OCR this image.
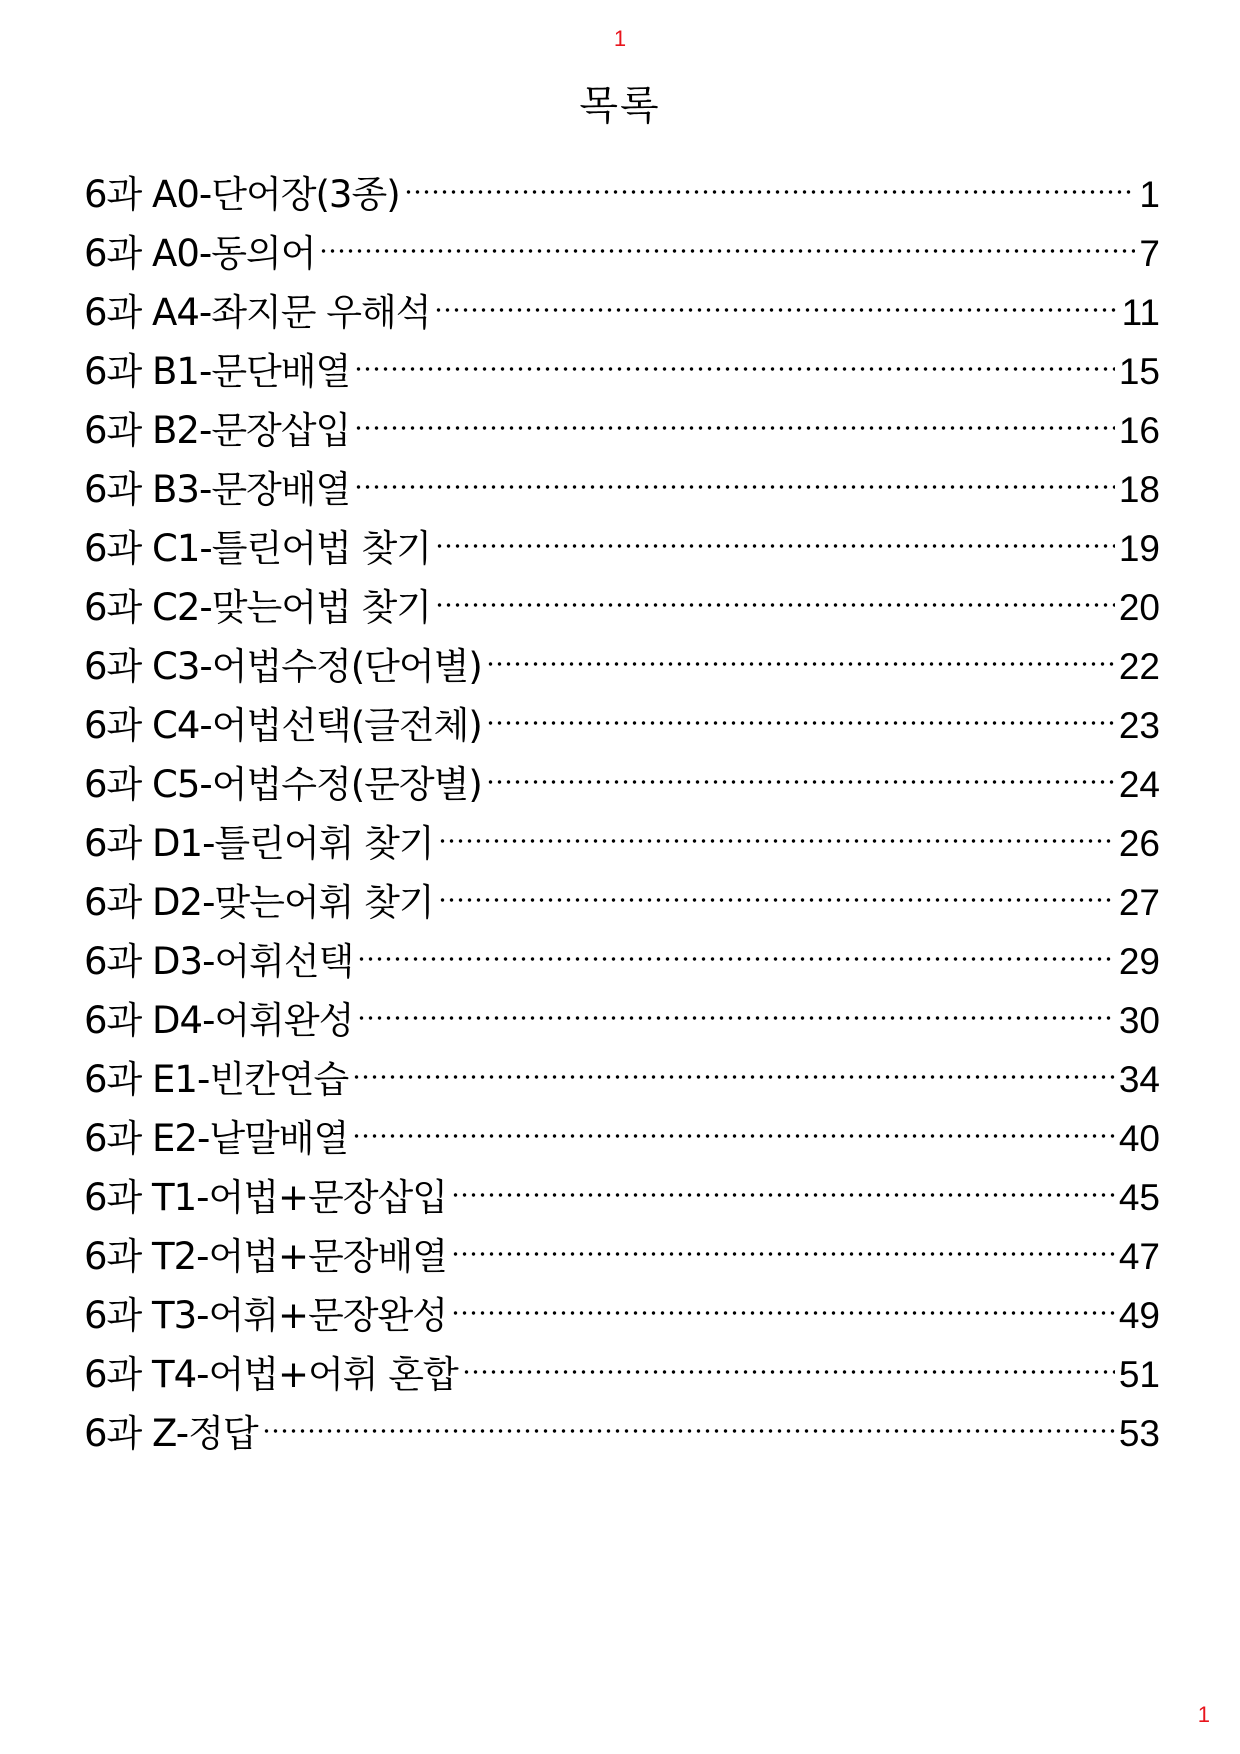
1
목록
6과 A0-단어장(3종)	1
6과 A0-동의어	7
6과 A4-좌지문 우해석	11
6과 B1-문단배열	15
6과 B2-문장삽입	16
6과 B3-문장배열	18
6과 C1-틀린어법 찾기	19
6과 C2-맞는어법 찾기	20
6과 C3-어법수정(단어별)	22
6과 C4-어법선택(글전체)	23
6과 C5-어법수정(문장별)	24
6과 D1-틀린어휘 찾기	26
6과 D2-맞는어휘 찾기	27
6과 D3-어휘선택	29
6과 D4-어휘완성	30
6과 E1-빈칸연습	34
6과 E2-낱말배열	40
6과 T1-어법+문장삽입	45
6과 T2-어법+문장배열	47
6과 T3-어휘+문장완성	49
6과 T4-어법+어휘 혼합	51
6과 Z-정답	53
1
